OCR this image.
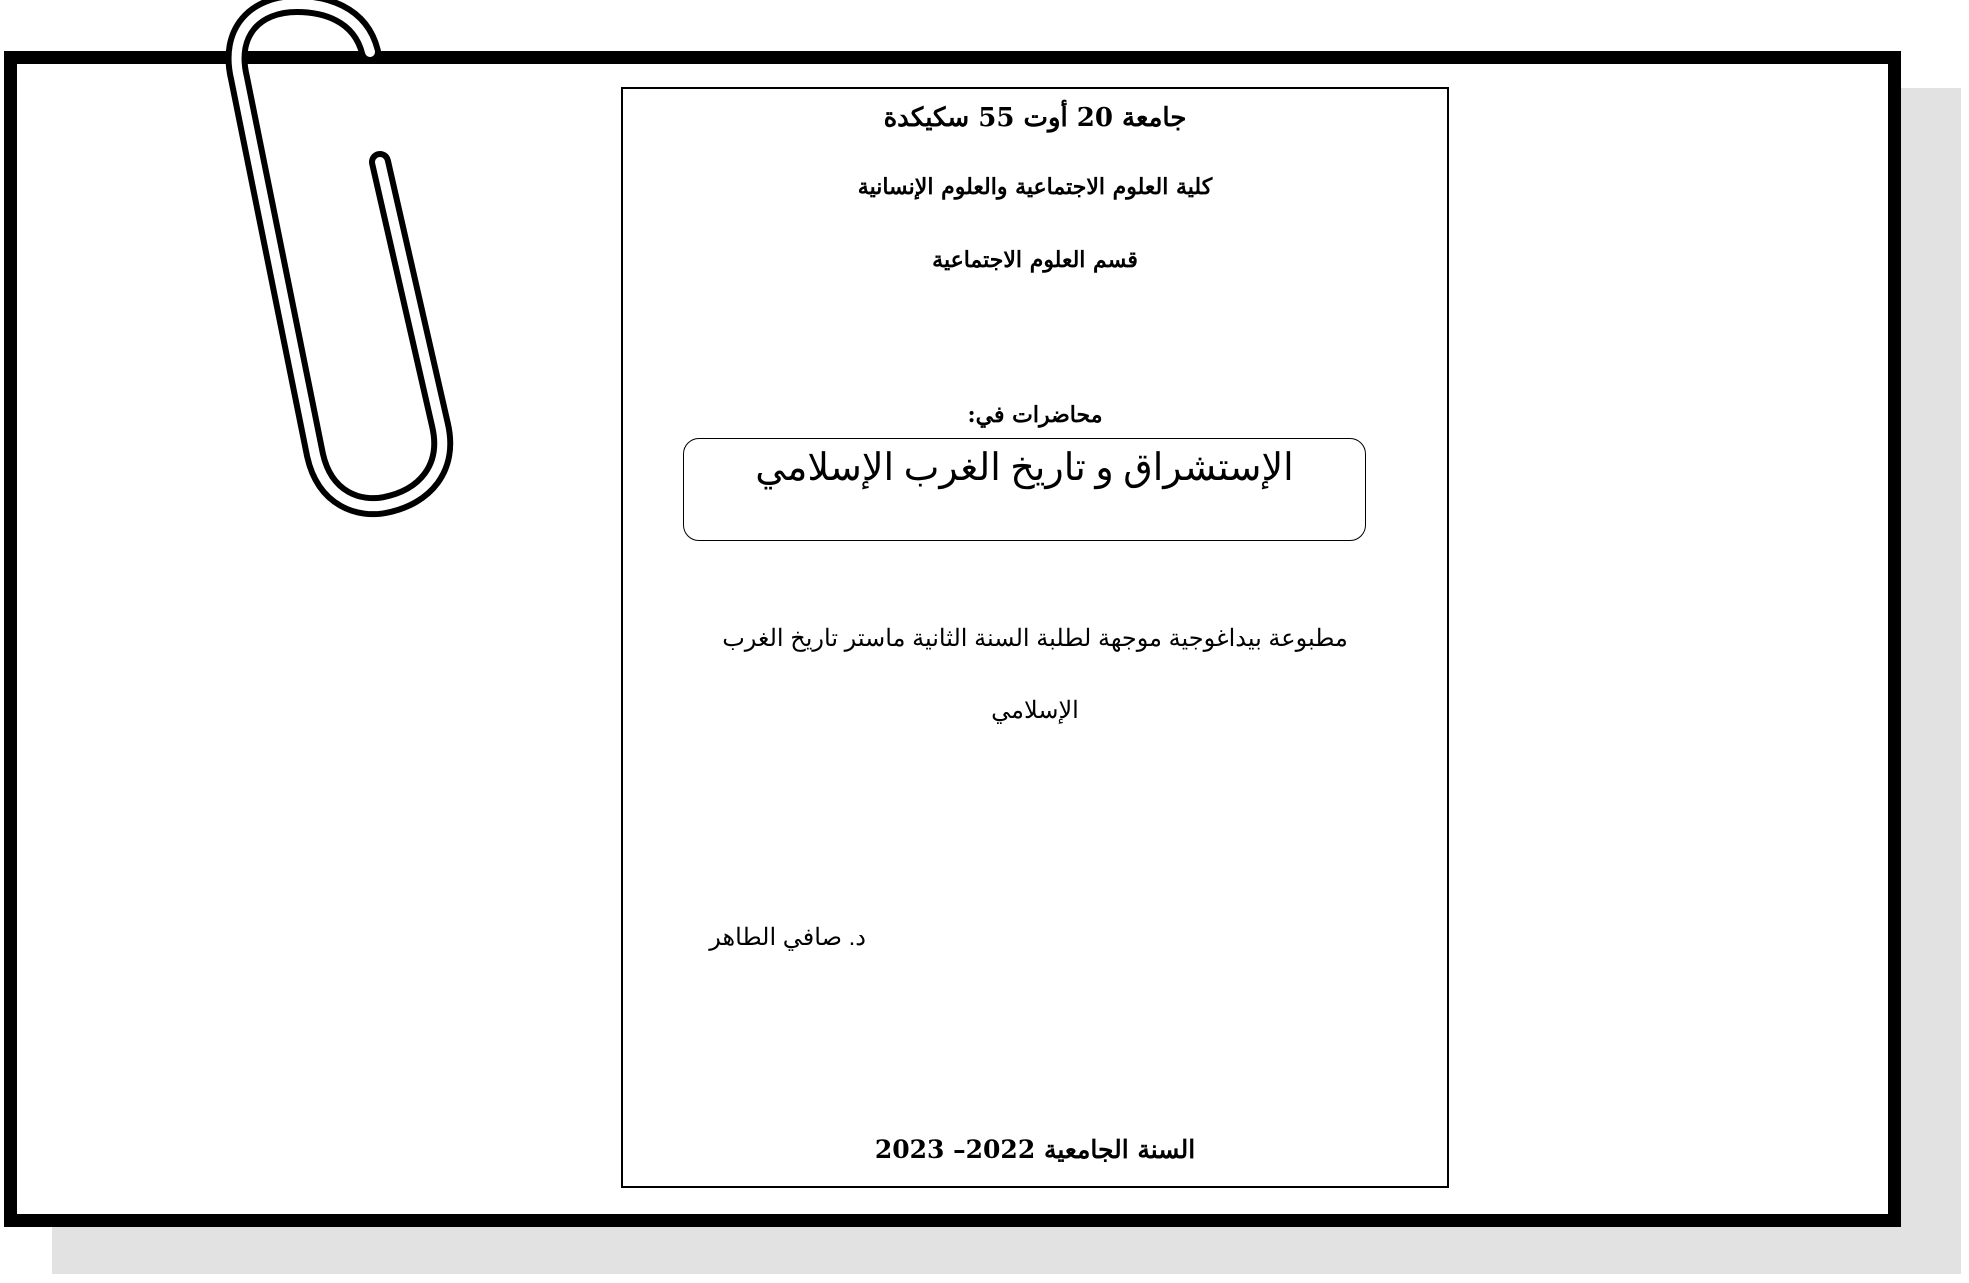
جامعة 20 أوت 55 سكيكدة
كلية العلوم الاجتماعية والعلوم الإنسانية
قسم العلوم الاجتماعية
محاضرات في:
الإستشراق و تاريخ الغرب الإسلامي
مطبوعة بيداغوجية موجهة لطلبة السنة الثانية ماستر تاريخ الغرب
الإسلامي
د. صافي الطاهر
السنة الجامعية 2022– 2023
